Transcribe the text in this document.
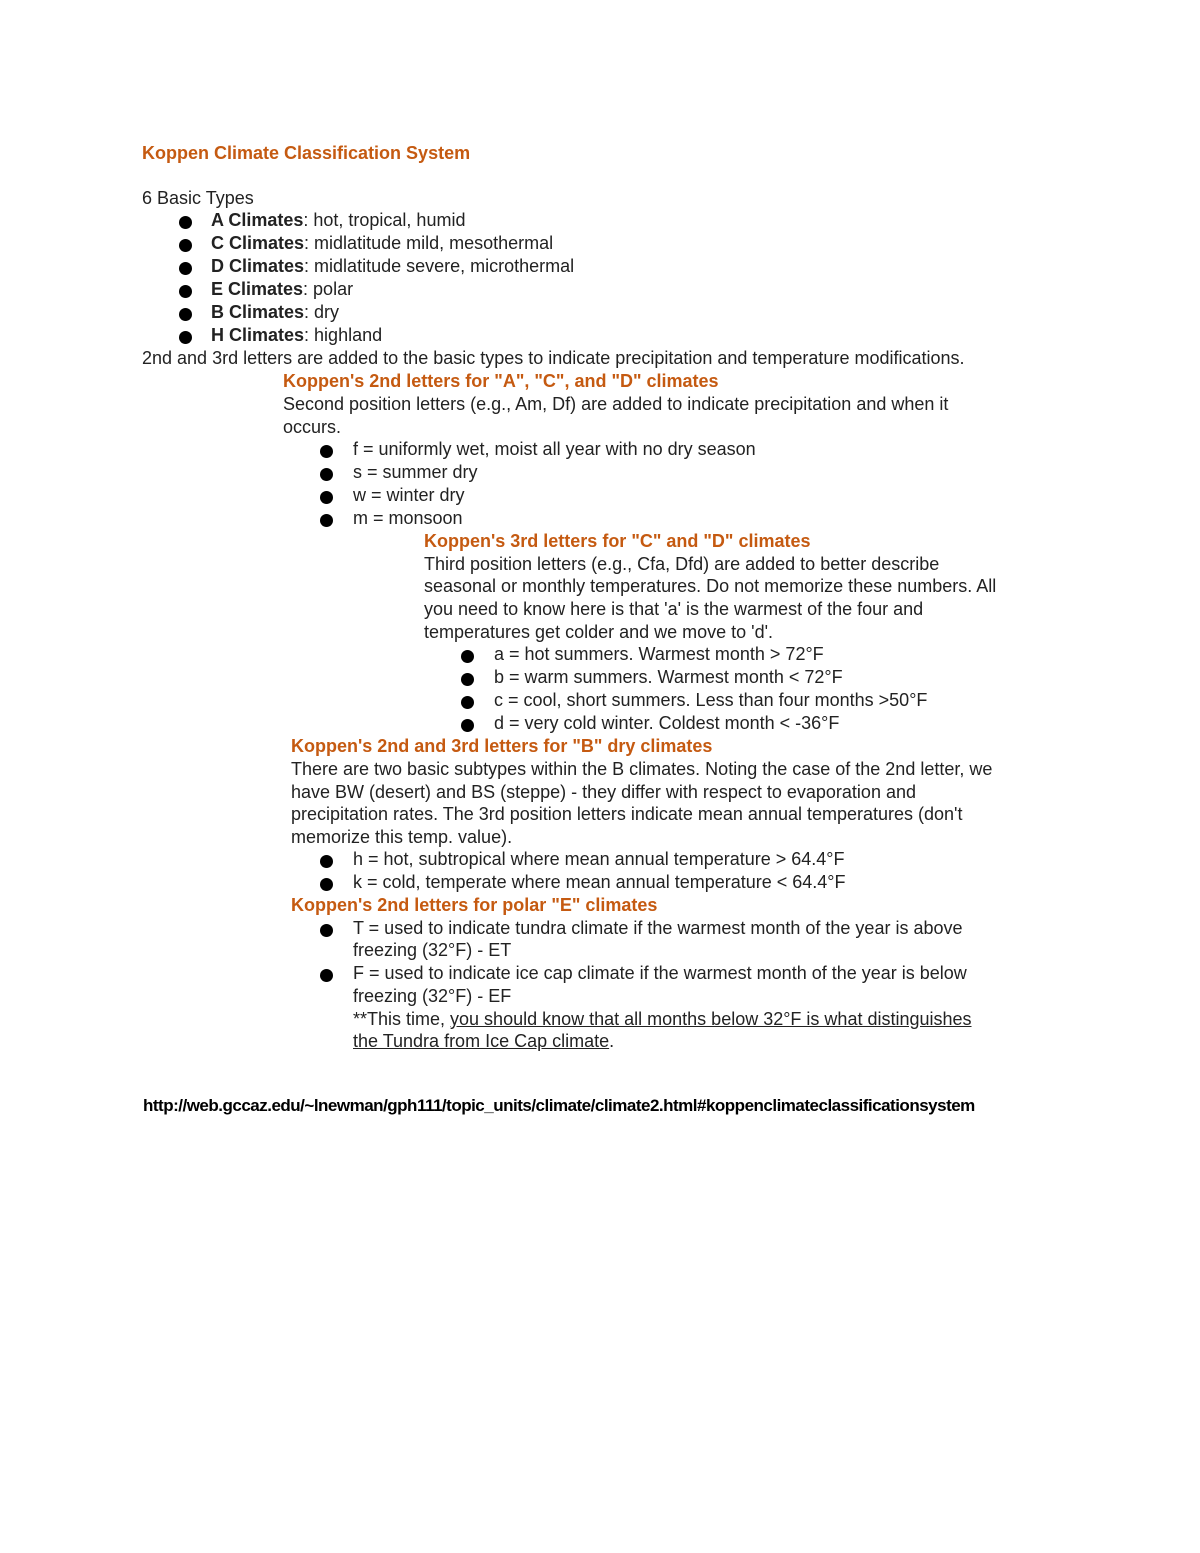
Koppen Climate Classification System
6 Basic Types
A Climates: hot, tropical, humid
C Climates: midlatitude mild, mesothermal
D Climates: midlatitude severe, microthermal
E Climates: polar
B Climates: dry
H Climates: highland
2nd and 3rd letters are added to the basic types to indicate precipitation and temperature modifications.
Koppen's 2nd letters for "A", "C", and "D" climates
Second position letters (e.g., Am, Df) are added to indicate precipitation and when it
occurs.
f = uniformly wet, moist all year with no dry season
s = summer dry
w = winter dry
m = monsoon
Koppen's 3rd letters for "C" and "D" climates
Third position letters (e.g., Cfa, Dfd) are added to better describe
seasonal or monthly temperatures. Do not memorize these numbers. All
you need to know here is that 'a' is the warmest of the four and
temperatures get colder and we move to 'd'.
a = hot summers. Warmest month > 72°F
b = warm summers. Warmest month < 72°F
c = cool, short summers. Less than four months >50°F
d = very cold winter. Coldest month < -36°F
Koppen's 2nd and 3rd letters for "B" dry climates
There are two basic subtypes within the B climates. Noting the case of the 2nd letter, we
have BW (desert) and BS (steppe) - they differ with respect to evaporation and
precipitation rates. The 3rd position letters indicate mean annual temperatures (don't
memorize this temp. value).
h = hot, subtropical where mean annual temperature > 64.4°F
k = cold, temperate where mean annual temperature < 64.4°F
Koppen's 2nd letters for polar "E" climates
T = used to indicate tundra climate if the warmest month of the year is above
freezing (32°F) - ET
F = used to indicate ice cap climate if the warmest month of the year is below
freezing (32°F) - EF
**This time, you should know that all months below 32°F is what distinguishes
the Tundra from Ice Cap climate.
http://web.gccaz.edu/~lnewman/gph111/topic_units/climate/climate2.html#koppenclimateclassificationsystem
